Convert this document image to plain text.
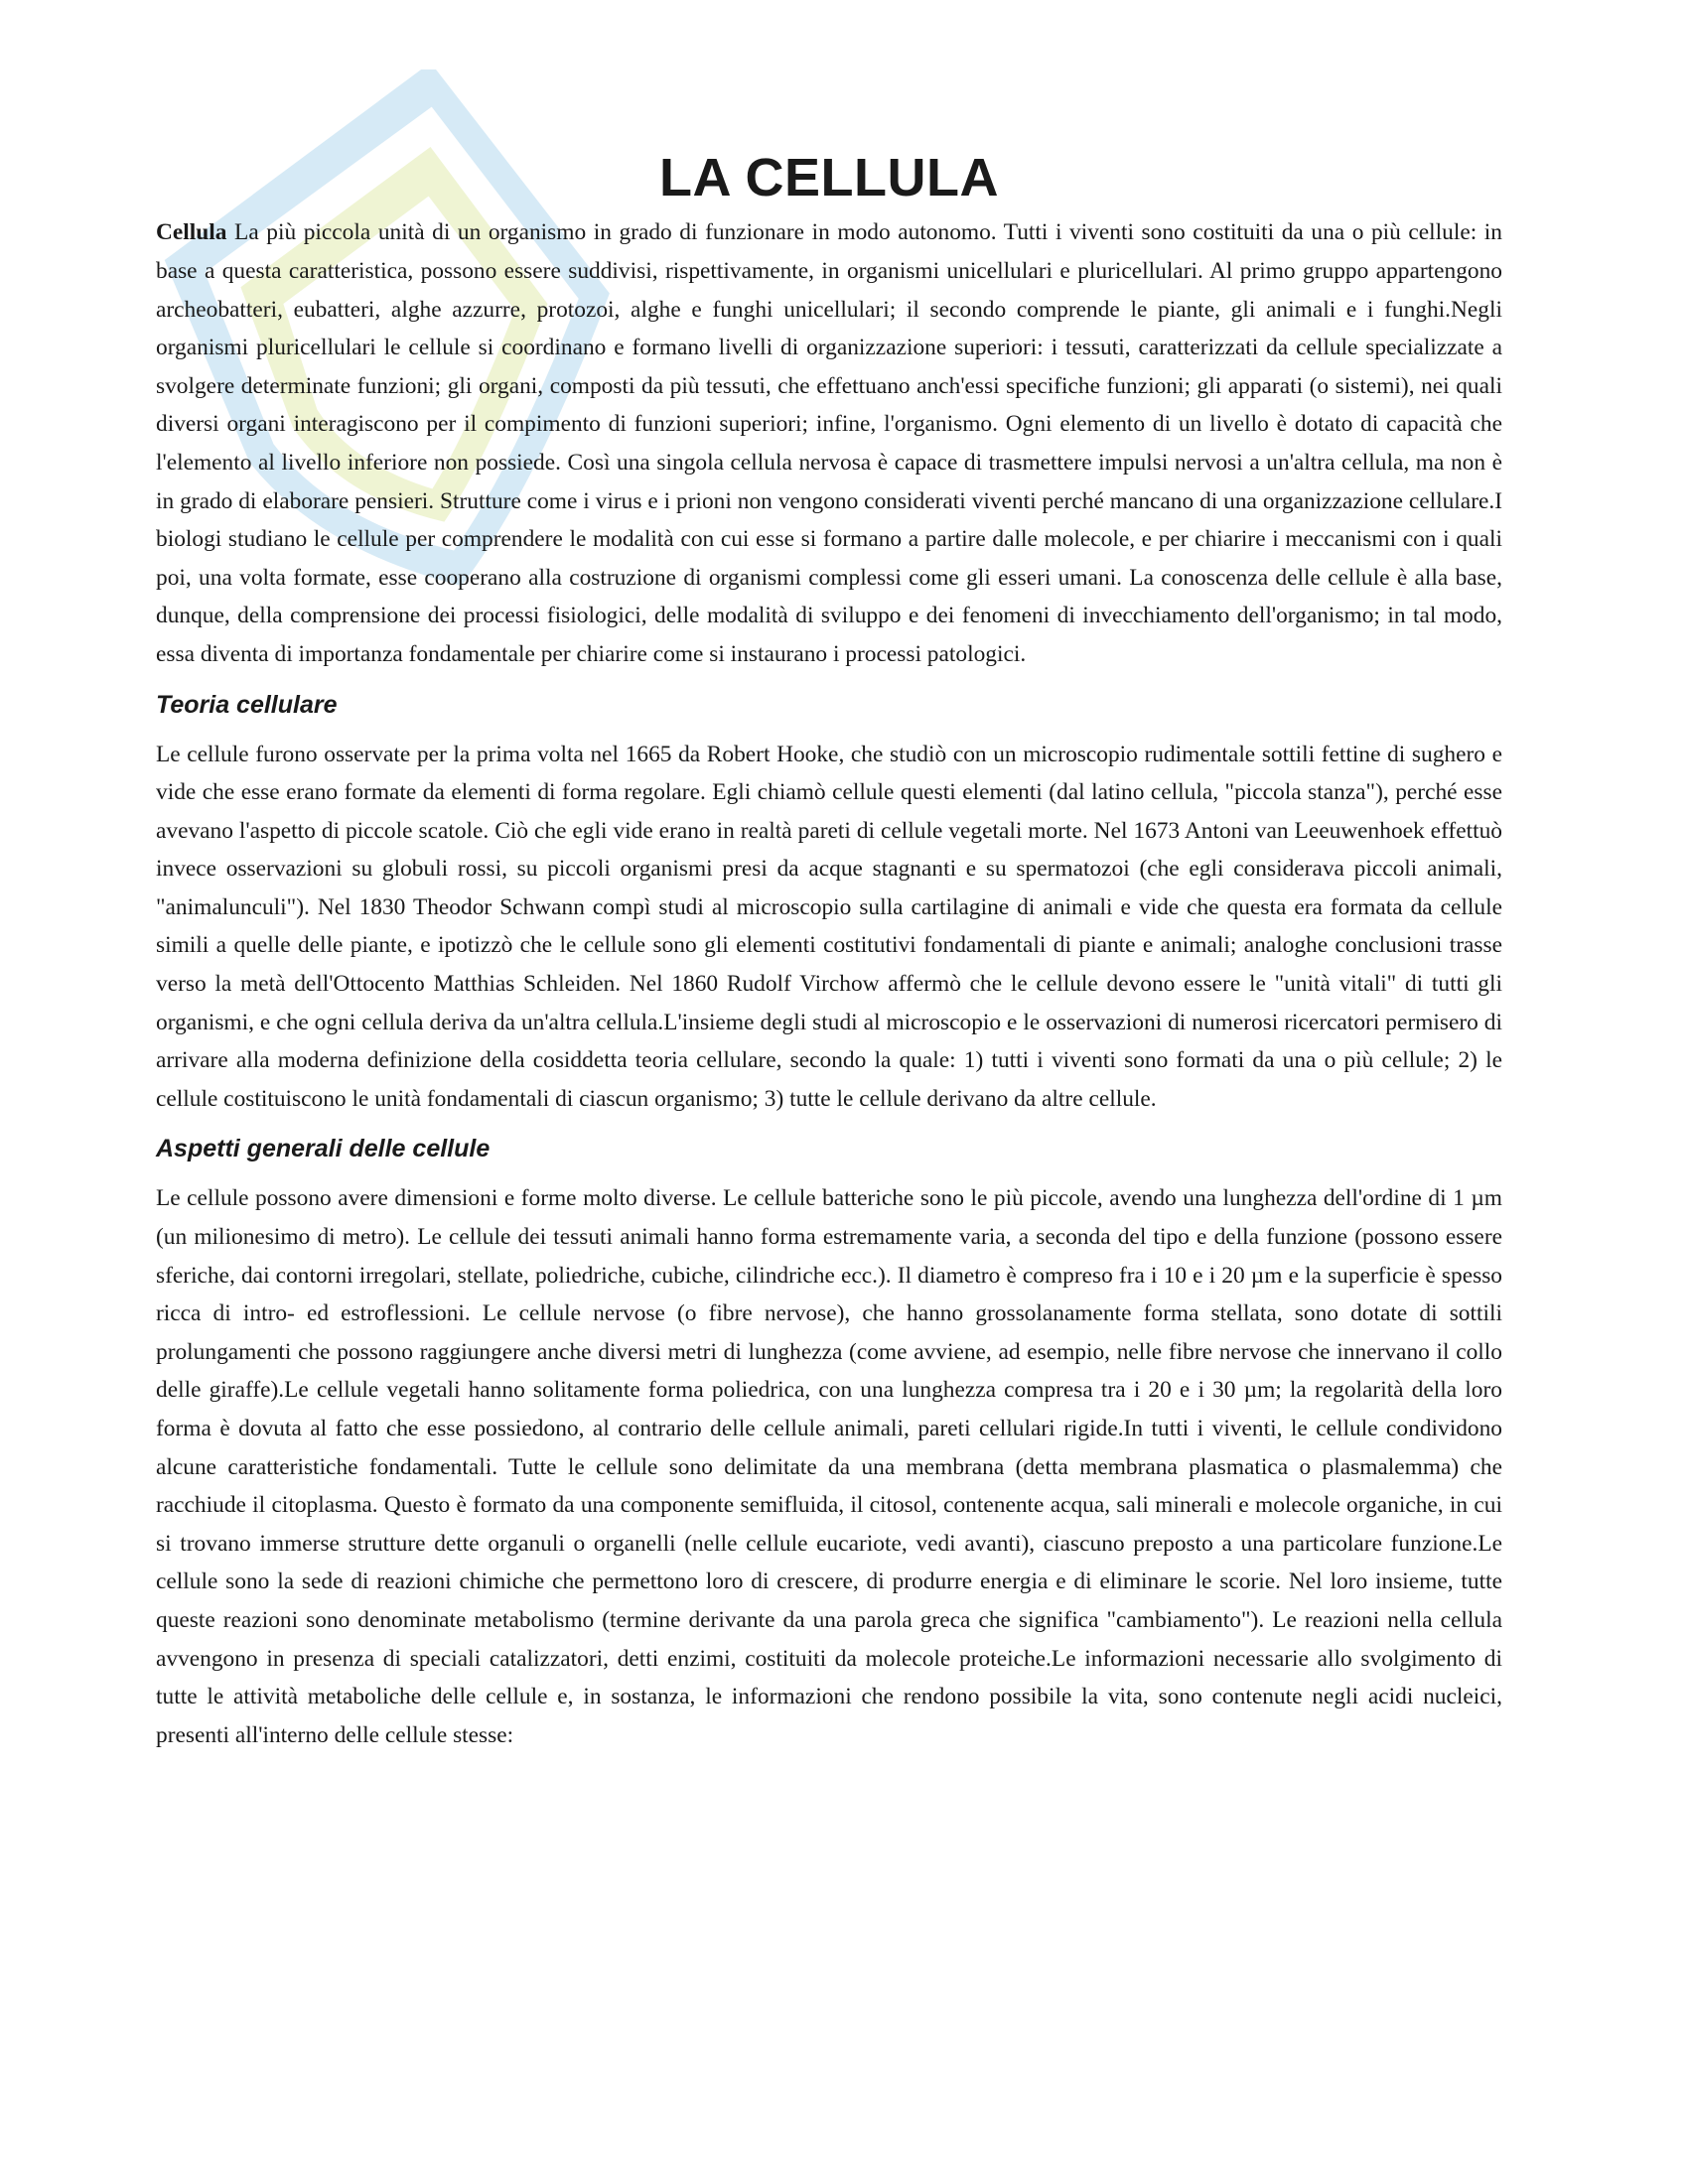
LA CELLULA

Cellula La più piccola unità di un organismo in grado di funzionare in modo autonomo. Tutti i viventi sono costituiti da una o più cellule: in base a questa caratteristica, possono essere suddivisi, rispettivamente, in organismi unicellulari e pluricellulari. Al primo gruppo appartengono archeobatteri, eubatteri, alghe azzurre, protozoi, alghe e funghi unicellulari; il secondo comprende le piante, gli animali e i funghi.Negli organismi pluricellulari le cellule si coordinano e formano livelli di organizzazione superiori: i tessuti, caratterizzati da cellule specializzate a svolgere determinate funzioni; gli organi, composti da più tessuti, che effettuano anch'essi specifiche funzioni; gli apparati (o sistemi), nei quali diversi organi interagiscono per il compimento di funzioni superiori; infine, l'organismo. Ogni elemento di un livello è dotato di capacità che l'elemento al livello inferiore non possiede. Così una singola cellula nervosa è capace di trasmettere impulsi nervosi a un'altra cellula, ma non è in grado di elaborare pensieri. Strutture come i virus e i prioni non vengono considerati viventi perché mancano di una organizzazione cellulare.I biologi studiano le cellule per comprendere le modalità con cui esse si formano a partire dalle molecole, e per chiarire i meccanismi con i quali poi, una volta formate, esse cooperano alla costruzione di organismi complessi come gli esseri umani. La conoscenza delle cellule è alla base, dunque, della comprensione dei processi fisiologici, delle modalità di sviluppo e dei fenomeni di invecchiamento dell'organismo; in tal modo, essa diventa di importanza fondamentale per chiarire come si instaurano i processi patologici.

Teoria cellulare

Le cellule furono osservate per la prima volta nel 1665 da Robert Hooke, che studiò con un microscopio rudimentale sottili fettine di sughero e vide che esse erano formate da elementi di forma regolare. Egli chiamò cellule questi elementi (dal latino cellula, "piccola stanza"), perché esse avevano l'aspetto di piccole scatole. Ciò che egli vide erano in realtà pareti di cellule vegetali morte. Nel 1673 Antoni van Leeuwenhoek effettuò invece osservazioni su globuli rossi, su piccoli organismi presi da acque stagnanti e su spermatozoi (che egli considerava piccoli animali, "animalunculi"). Nel 1830 Theodor Schwann compì studi al microscopio sulla cartilagine di animali e vide che questa era formata da cellule simili a quelle delle piante, e ipotizzò che le cellule sono gli elementi costitutivi fondamentali di piante e animali; analoghe conclusioni trasse verso la metà dell'Ottocento Matthias Schleiden. Nel 1860 Rudolf Virchow affermò che le cellule devono essere le "unità vitali" di tutti gli organismi, e che ogni cellula deriva da un'altra cellula.L'insieme degli studi al microscopio e le osservazioni di numerosi ricercatori permisero di arrivare alla moderna definizione della cosiddetta teoria cellulare, secondo la quale: 1) tutti i viventi sono formati da una o più cellule; 2) le cellule costituiscono le unità fondamentali di ciascun organismo; 3) tutte le cellule derivano da altre cellule.

Aspetti generali delle cellule

Le cellule possono avere dimensioni e forme molto diverse. Le cellule batteriche sono le più piccole, avendo una lunghezza dell'ordine di 1 µm (un milionesimo di metro). Le cellule dei tessuti animali hanno forma estremamente varia, a seconda del tipo e della funzione (possono essere sferiche, dai contorni irregolari, stellate, poliedriche, cubiche, cilindriche ecc.). Il diametro è compreso fra i 10 e i 20 µm e la superficie è spesso ricca di intro- ed estroflessioni. Le cellule nervose (o fibre nervose), che hanno grossolanamente forma stellata, sono dotate di sottili prolungamenti che possono raggiungere anche diversi metri di lunghezza (come avviene, ad esempio, nelle fibre nervose che innervano il collo delle giraffe).Le cellule vegetali hanno solitamente forma poliedrica, con una lunghezza compresa tra i 20 e i 30 µm; la regolarità della loro forma è dovuta al fatto che esse possiedono, al contrario delle cellule animali, pareti cellulari rigide.In tutti i viventi, le cellule condividono alcune caratteristiche fondamentali. Tutte le cellule sono delimitate da una membrana (detta membrana plasmatica o plasmalemma) che racchiude il citoplasma. Questo è formato da una componente semifluida, il citosol, contenente acqua, sali minerali e molecole organiche, in cui si trovano immerse strutture dette organuli o organelli (nelle cellule eucariote, vedi avanti), ciascuno preposto a una particolare funzione.Le cellule sono la sede di reazioni chimiche che permettono loro di crescere, di produrre energia e di eliminare le scorie. Nel loro insieme, tutte queste reazioni sono denominate metabolismo (termine derivante da una parola greca che significa "cambiamento"). Le reazioni nella cellula avvengono in presenza di speciali catalizzatori, detti enzimi, costituiti da molecole proteiche.Le informazioni necessarie allo svolgimento di tutte le attività metaboliche delle cellule e, in sostanza, le informazioni che rendono possibile la vita, sono contenute negli acidi nucleici, presenti all'interno delle cellule stesse:
